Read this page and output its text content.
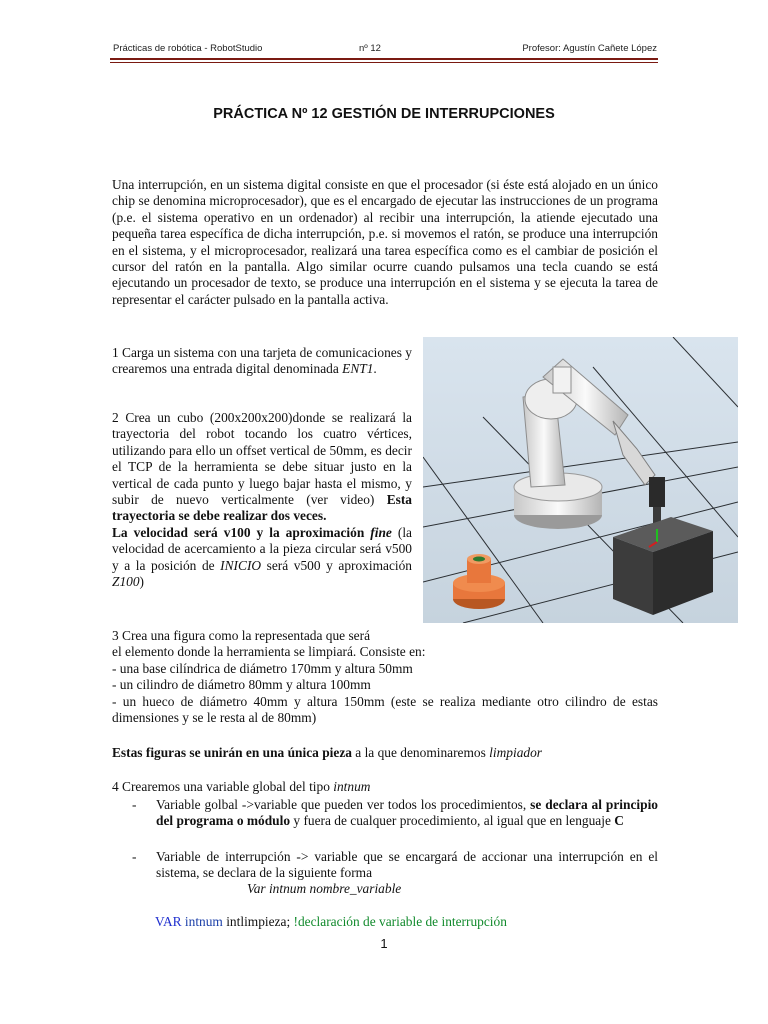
Prácticas de robótica - RobotStudio	nº 12	Profesor: Agustín Cañete López
PRÁCTICA Nº 12 GESTIÓN DE INTERRUPCIONES

Una interrupción, en un sistema digital consiste en que el procesador (si éste está alojado en un único chip se denomina microprocesador), que es el encargado de ejecutar las instrucciones de un programa (p.e. el sistema operativo en un ordenador) al recibir una interrupción, la atiende ejecutado una pequeña tarea específica de dicha interrupción, p.e. si movemos el ratón, se produce una interrupción en el sistema, y el microprocesador, realizará una tarea específica como es el cambiar de posición el cursor del ratón en la pantalla. Algo similar ocurre cuando pulsamos una tecla cuando se está ejecutando un procesador de texto, se produce una interrupción en el sistema y se ejecuta la tarea de representar el carácter pulsado en la pantalla activa.

1 Carga un sistema con una tarjeta de comunicaciones y crearemos una entrada digital denominada ENT1.

2 Crea un cubo (200x200x200)donde se realizará la trayectoria del robot tocando los cuatro vértices, utilizando para ello un offset vertical de 50mm, es decir el TCP de la herramienta se debe situar justo en la vertical de cada punto y luego bajar hasta el mismo, y subir de nuevo verticalmente (ver video) Esta trayectoria se debe realizar dos veces.
La velocidad será v100 y la aproximación fine (la velocidad de acercamiento a la pieza circular será v500 y a la posición de INICIO será v500 y aproximación Z100)

3 Crea una figura como la representada que será
el elemento donde la herramienta se limpiará. Consiste en:
- una base cilíndrica de diámetro 170mm y altura 50mm
- un cilindro de diámetro 80mm y altura 100mm
- un hueco de diámetro 40mm y altura 150mm (este se realiza mediante otro cilindro de estas dimensiones y se le resta al de 80mm)

Estas figuras se unirán en una única pieza a la que denominaremos limpiador

4 Crearemos una variable global del tipo intnum

- Variable golbal ->variable que pueden ver todos los procedimientos, se declara al principio del programa o módulo y fuera de cualquer procedimiento, al igual que en lenguaje C
- Variable de interrupción -> variable que se encargará de accionar una interrupción en el sistema, se declara de la siguiente forma

Var intnum nombre_variable

VAR intnum intlimpieza; !declaración de variable de interrupción

1
